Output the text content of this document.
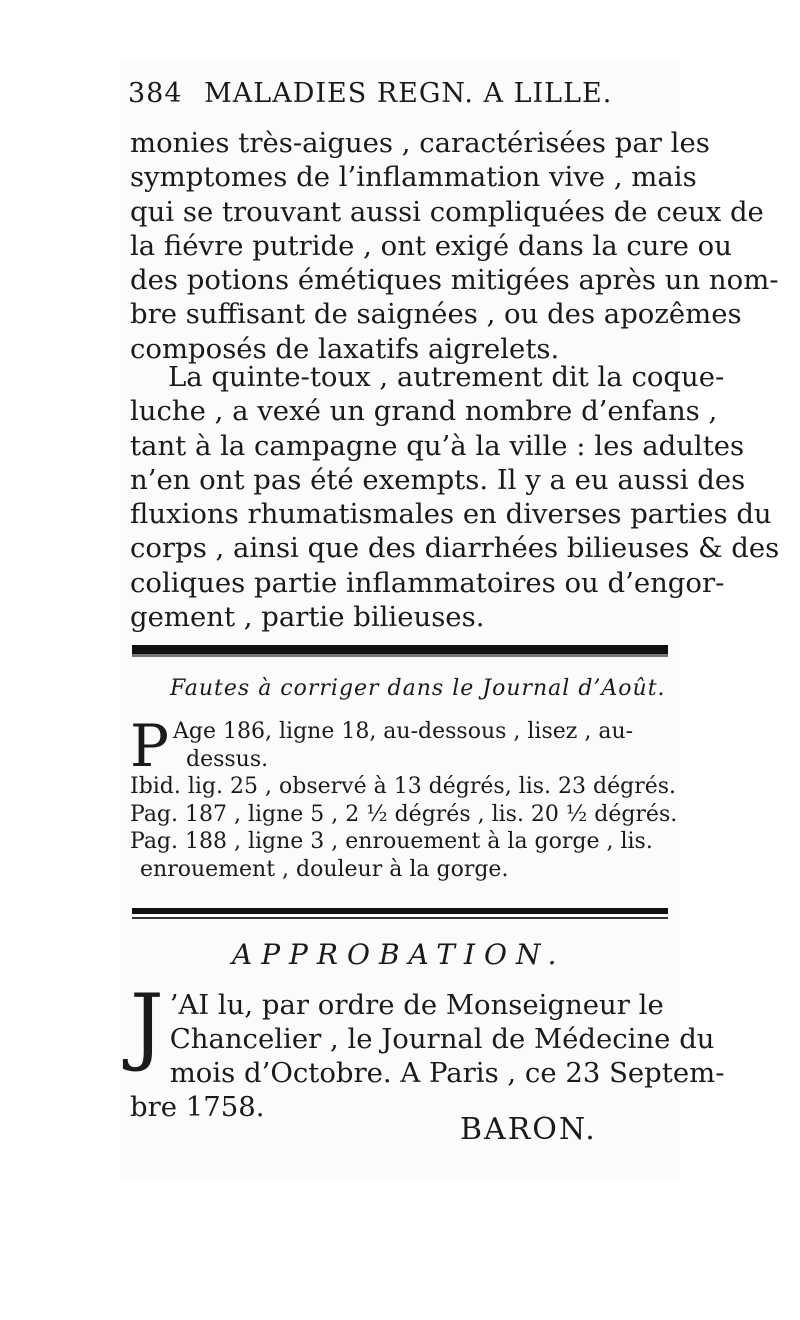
384 MALADIES REGN. A LILLE.
monies très-aigues , caractérisées par les
symptomes de l’inflammation vive , mais
qui se trouvant aussi compliquées de ceux de
la fiévre putride , ont exigé dans la cure ou
des potions émétiques mitigées après un nom-
bre suffisant de saignées , ou des apozêmes
composés de laxatifs aigrelets.
La quinte-toux , autrement dit la coque-
luche , a vexé un grand nombre d’enfans ,
tant à la campagne qu’à la ville : les adultes
n’en ont pas été exempts. Il y a eu aussi des
fluxions rhumatismales en diverses parties du
corps , ainsi que des diarrhées bilieuses & des
coliques partie inflammatoires ou d’engor-
gement , partie bilieuses.
Fautes à corriger dans le Journal d’Août.
P Age 186, ligne 18, au-dessous , lisez , au-
dessus.
Ibid. lig. 25 , observé à 13 dégrés, lis. 23 dégrés.
Pag. 187 , ligne 5 , 2 ½ dégrés , lis. 20 ½ dégrés.
Pag. 188 , ligne 3 , enrouement à la gorge , lis.
enrouement , douleur à la gorge.
APPROBATION.
J ’AI lu, par ordre de Monseigneur le
Chancelier , le Journal de Médecine du
mois d’Octobre. A Paris , ce 23 Septem-
bre 1758.
BARON.
